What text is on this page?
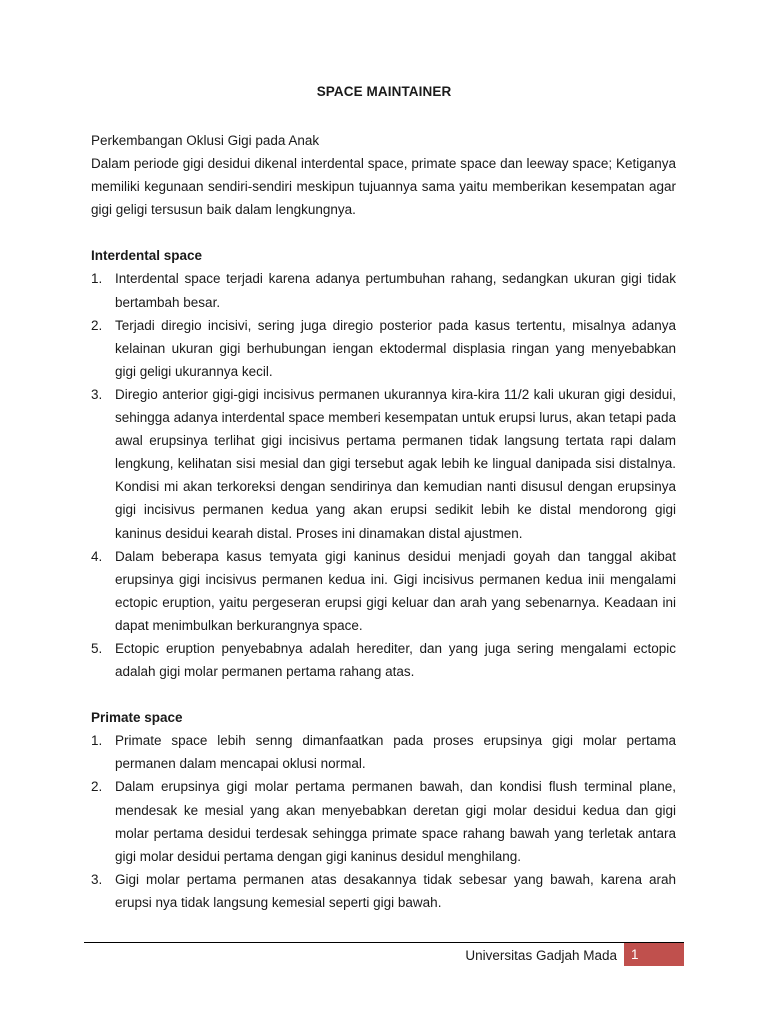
SPACE MAINTAINER

Perkembangan Oklusi Gigi pada Anak

Dalam periode gigi desidui dikenal interdental space, primate space dan leeway space; Ketiganya memiliki kegunaan sendiri-sendiri meskipun tujuannya sama yaitu memberikan kesempatan agar gigi geligi tersusun baik dalam lengkungnya.

Interdental space

1. Interdental space terjadi karena adanya pertumbuhan rahang, sedangkan ukuran gigi tidak bertambah besar.
2. Terjadi diregio incisivi, sering juga diregio posterior pada kasus tertentu, misalnya adanya kelainan ukuran gigi berhubungan iengan ektodermal displasia ringan yang menyebabkan gigi geligi ukurannya kecil.
3. Diregio anterior gigi-gigi incisivus permanen ukurannya kira-kira 11/2 kali ukuran gigi desidui, sehingga adanya interdental space memberi kesempatan untuk erupsi lurus, akan tetapi pada awal erupsinya terlihat gigi incisivus pertama permanen tidak langsung tertata rapi dalam lengkung, kelihatan sisi mesial dan gigi tersebut agak lebih ke lingual danipada sisi distalnya. Kondisi mi akan terkoreksi dengan sendirinya dan kemudian nanti disusul dengan erupsinya gigi incisivus permanen kedua yang akan erupsi sedikit lebih ke distal mendorong gigi kaninus desidui kearah distal. Proses ini dinamakan distal ajustmen.
4. Dalam beberapa kasus temyata gigi kaninus desidui menjadi goyah dan tanggal akibat erupsinya gigi incisivus permanen kedua ini. Gigi incisivus permanen kedua inii mengalami ectopic eruption, yaitu pergeseran erupsi gigi keluar dan arah yang sebenarnya. Keadaan ini dapat menimbulkan berkurangnya space.
5. Ectopic eruption penyebabnya adalah herediter, dan yang juga sering mengalami ectopic adalah gigi molar permanen pertama rahang atas.

Primate space

1. Primate space lebih senng dimanfaatkan pada proses erupsinya gigi molar pertama permanen dalam mencapai oklusi normal.
2. Dalam erupsinya gigi molar pertama permanen bawah, dan kondisi flush terminal plane, mendesak ke mesial yang akan menyebabkan deretan gigi molar desidui kedua dan gigi molar pertama desidui terdesak sehingga primate space rahang bawah yang terletak antara gigi molar desidui pertama dengan gigi kaninus desidul menghilang.
3. Gigi molar pertama permanen atas desakannya tidak sebesar yang bawah, karena arah erupsi nya tidak langsung kemesial seperti gigi bawah.
Universitas Gadjah Mada	1
